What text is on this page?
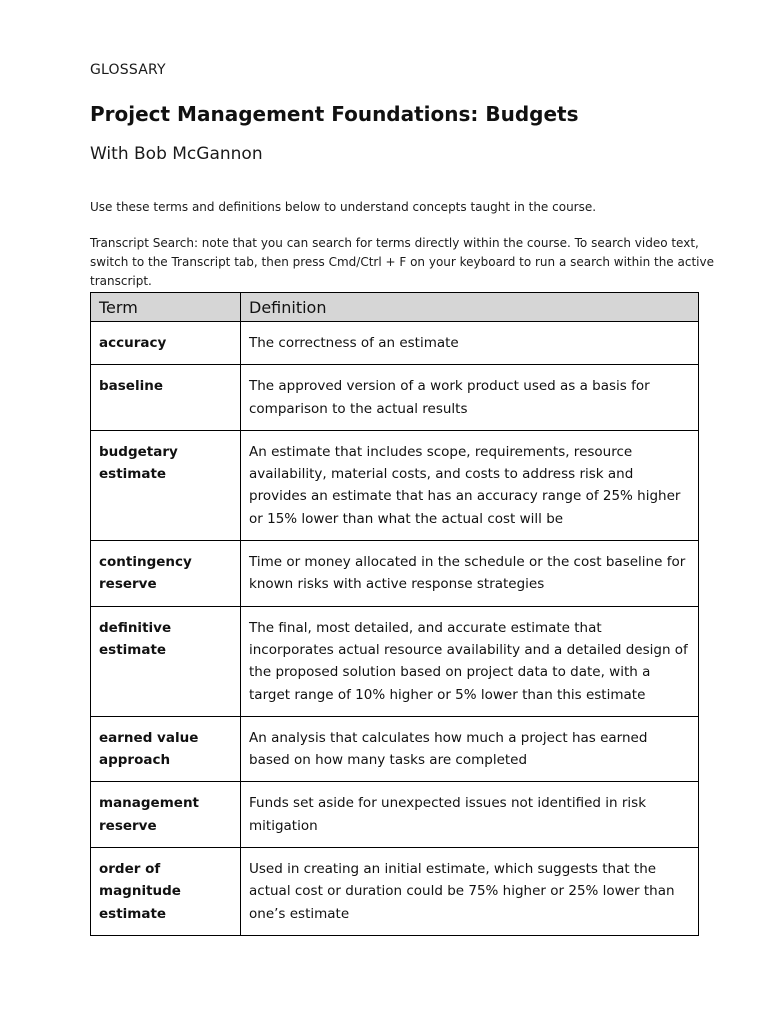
GLOSSARY
Project Management Foundations: Budgets
With Bob McGannon
Use these terms and definitions below to understand concepts taught in the course.
Transcript Search: note that you can search for terms directly within the course. To search video text, switch to the Transcript tab, then press Cmd/Ctrl + F on your keyboard to run a search within the active transcript.
Term	Definition
accuracy	The correctness of an estimate
baseline	The approved version of a work product used as a basis for comparison to the actual results
budgetary estimate	An estimate that includes scope, requirements, resource availability, material costs, and costs to address risk and provides an estimate that has an accuracy range of 25% higher or 15% lower than what the actual cost will be
contingency reserve	Time or money allocated in the schedule or the cost baseline for known risks with active response strategies
definitive estimate	The final, most detailed, and accurate estimate that incorporates actual resource availability and a detailed design of the proposed solution based on project data to date, with a target range of 10% higher or 5% lower than this estimate
earned value approach	An analysis that calculates how much a project has earned based on how many tasks are completed
management reserve	Funds set aside for unexpected issues not identified in risk mitigation
order of magnitude estimate	Used in creating an initial estimate, which suggests that the actual cost or duration could be 75% higher or 25% lower than one’s estimate
